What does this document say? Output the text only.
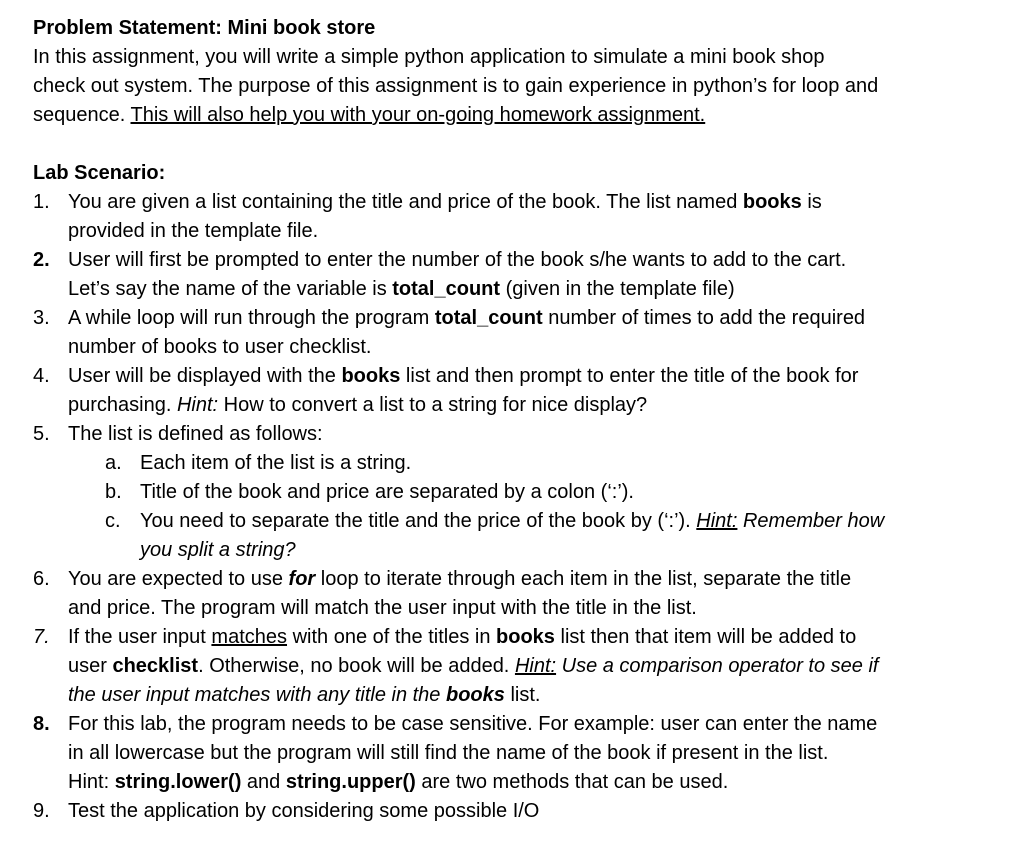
Problem Statement: Mini book store
In this assignment, you will write a simple python application to simulate a mini book shop
check out system. The purpose of this assignment is to gain experience in python’s for loop and
sequence. This will also help you with your on-going homework assignment.
Lab Scenario:
1. You are given a list containing the title and price of the book. The list named books is
provided in the template file.
2. User will first be prompted to enter the number of the book s/he wants to add to the cart.
Let’s say the name of the variable is total_count (given in the template file)
3. A while loop will run through the program total_count number of times to add the required
number of books to user checklist.
4. User will be displayed with the books list and then prompt to enter the title of the book for
purchasing. Hint: How to convert a list to a string for nice display?
5. The list is defined as follows:
a. Each item of the list is a string.
b. Title of the book and price are separated by a colon (‘:’).
c. You need to separate the title and the price of the book by (‘:’). Hint: Remember how
you split a string?
6. You are expected to use for loop to iterate through each item in the list, separate the title
and price. The program will match the user input with the title in the list.
7. If the user input matches with one of the titles in books list then that item will be added to
user checklist. Otherwise, no book will be added. Hint: Use a comparison operator to see if
the user input matches with any title in the books list.
8. For this lab, the program needs to be case sensitive. For example: user can enter the name
in all lowercase but the program will still find the name of the book if present in the list.
Hint: string.lower() and string.upper() are two methods that can be used.
9. Test the application by considering some possible I/O
